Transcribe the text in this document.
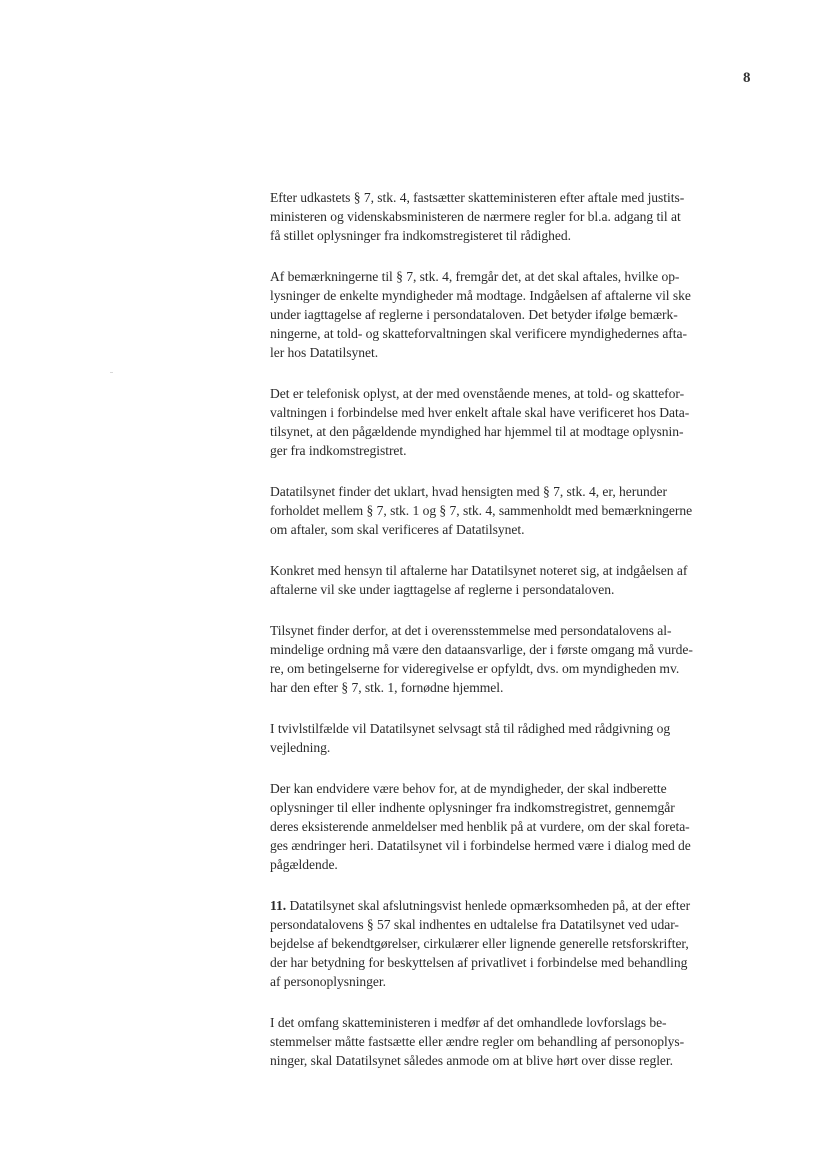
8

Efter udkastets § 7, stk. 4, fastsætter skatteministeren efter aftale med justits-
ministeren og videnskabsministeren de nærmere regler for bl.a. adgang til at
få stillet oplysninger fra indkomstregisteret til rådighed.

Af bemærkningerne til § 7, stk. 4, fremgår det, at det skal aftales, hvilke op-
lysninger de enkelte myndigheder må modtage. Indgåelsen af aftalerne vil ske
under iagttagelse af reglerne i persondataloven. Det betyder ifølge bemærk-
ningerne, at told- og skatteforvaltningen skal verificere myndighedernes afta-
ler hos Datatilsynet.

Det er telefonisk oplyst, at der med ovenstående menes, at told- og skattefor-
valtningen i forbindelse med hver enkelt aftale skal have verificeret hos Data-
tilsynet, at den pågældende myndighed har hjemmel til at modtage oplysnin-
ger fra indkomstregistret.

Datatilsynet finder det uklart, hvad hensigten med § 7, stk. 4, er, herunder
forholdet mellem § 7, stk. 1 og § 7, stk. 4, sammenholdt med bemærkningerne
om aftaler, som skal verificeres af Datatilsynet.

Konkret med hensyn til aftalerne har Datatilsynet noteret sig, at indgåelsen af
aftalerne vil ske under iagttagelse af reglerne i persondataloven.

Tilsynet finder derfor, at det i overensstemmelse med persondatalovens al-
mindelige ordning må være den dataansvarlige, der i første omgang må vurde-
re, om betingelserne for videregivelse er opfyldt, dvs. om myndigheden mv.
har den efter § 7, stk. 1, fornødne hjemmel.

I tvivlstilfælde vil Datatilsynet selvsagt stå til rådighed med rådgivning og
vejledning.

Der kan endvidere være behov for, at de myndigheder, der skal indberette
oplysninger til eller indhente oplysninger fra indkomstregistret, gennemgår
deres eksisterende anmeldelser med henblik på at vurdere, om der skal foreta-
ges ændringer heri. Datatilsynet vil i forbindelse hermed være i dialog med de
pågældende.

11. Datatilsynet skal afslutningsvist henlede opmærksomheden på, at der efter
persondatalovens § 57 skal indhentes en udtalelse fra Datatilsynet ved udar-
bejdelse af bekendtgørelser, cirkulærer eller lignende generelle retsforskrifter,
der har betydning for beskyttelsen af privatlivet i forbindelse med behandling
af personoplysninger.

I det omfang skatteministeren i medfør af det omhandlede lovforslags be-
stemmelser måtte fastsætte eller ændre regler om behandling af personoplys-
ninger, skal Datatilsynet således anmode om at blive hørt over disse regler.
